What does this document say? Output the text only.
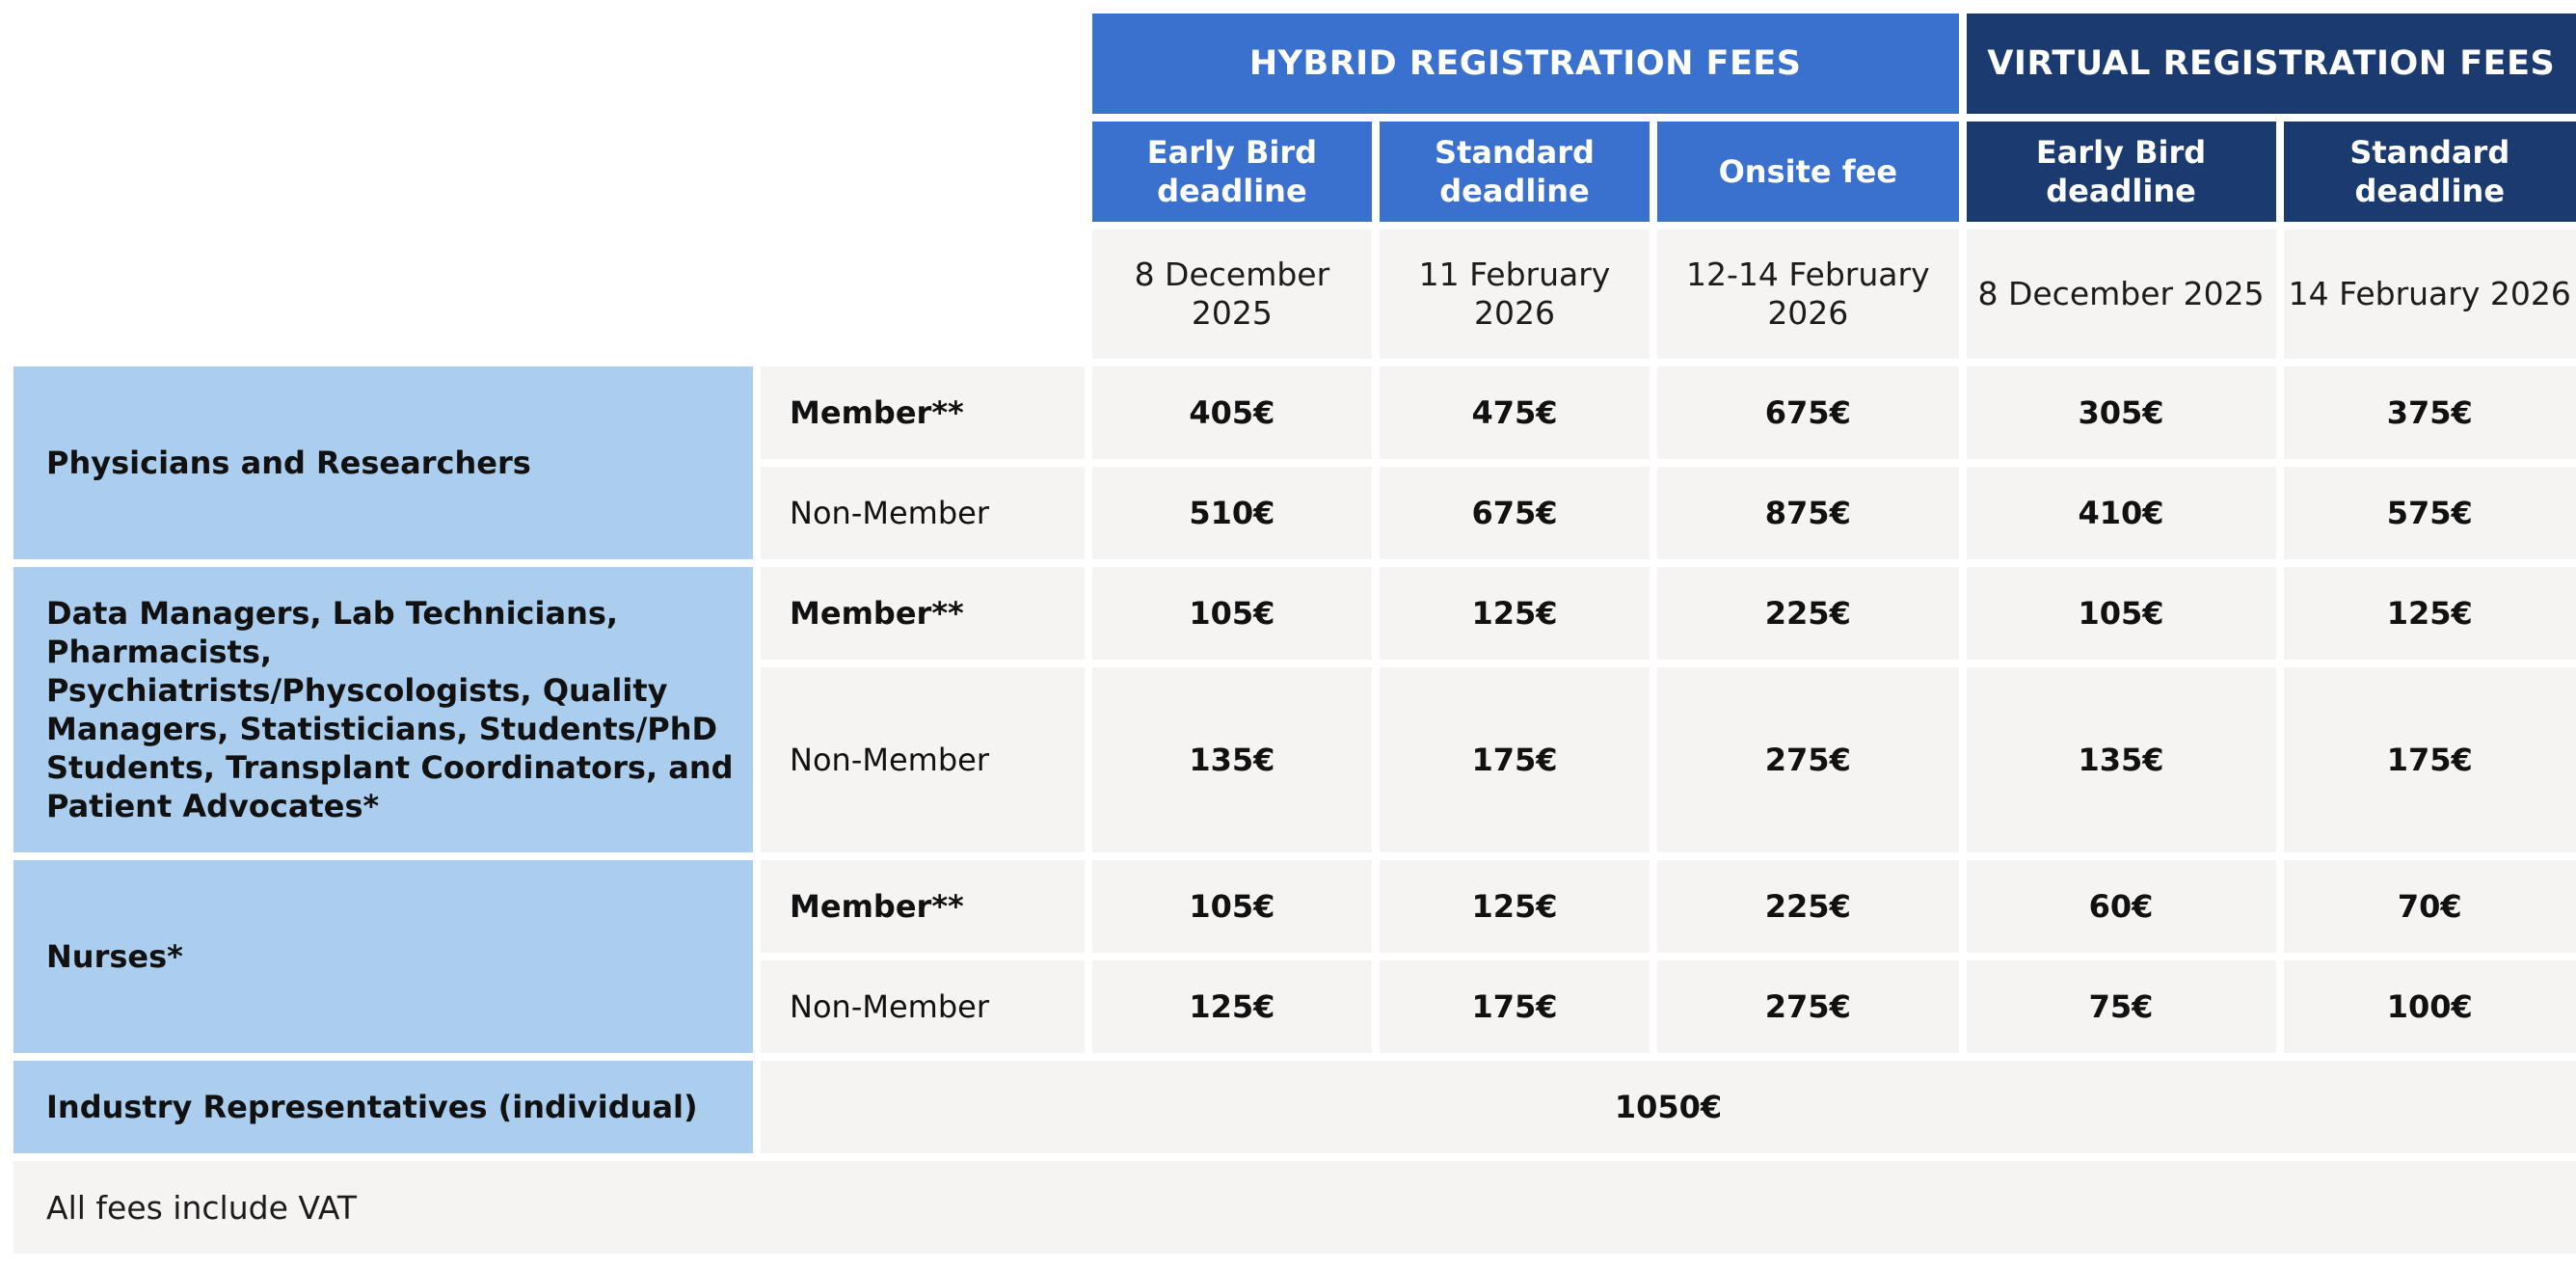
		HYBRID REGISTRATION FEES			VIRTUAL REGISTRATION FEES	
		Early Bird deadline	Standard deadline	Onsite fee	Early Bird deadline	Standard deadline
		8 December 2025	11 February 2026	12-14 February 2026	8 December 2025	14 February 2026
Physicians and Researchers	Member**	405€	475€	675€	305€	375€
	Non-Member	510€	675€	875€	410€	575€
Data Managers, Lab Technicians, Pharmacists, Psychiatrists/Physcologists, Quality Managers, Statisticians, Students/PhD Students, Transplant Coordinators, and Patient Advocates*	Member**	105€	125€	225€	105€	125€
	Non-Member	135€	175€	275€	135€	175€
Nurses*	Member**	105€	125€	225€	60€	70€
	Non-Member	125€	175€	275€	75€	100€
Industry Representatives (individual)	1050€					
All fees include VAT						
